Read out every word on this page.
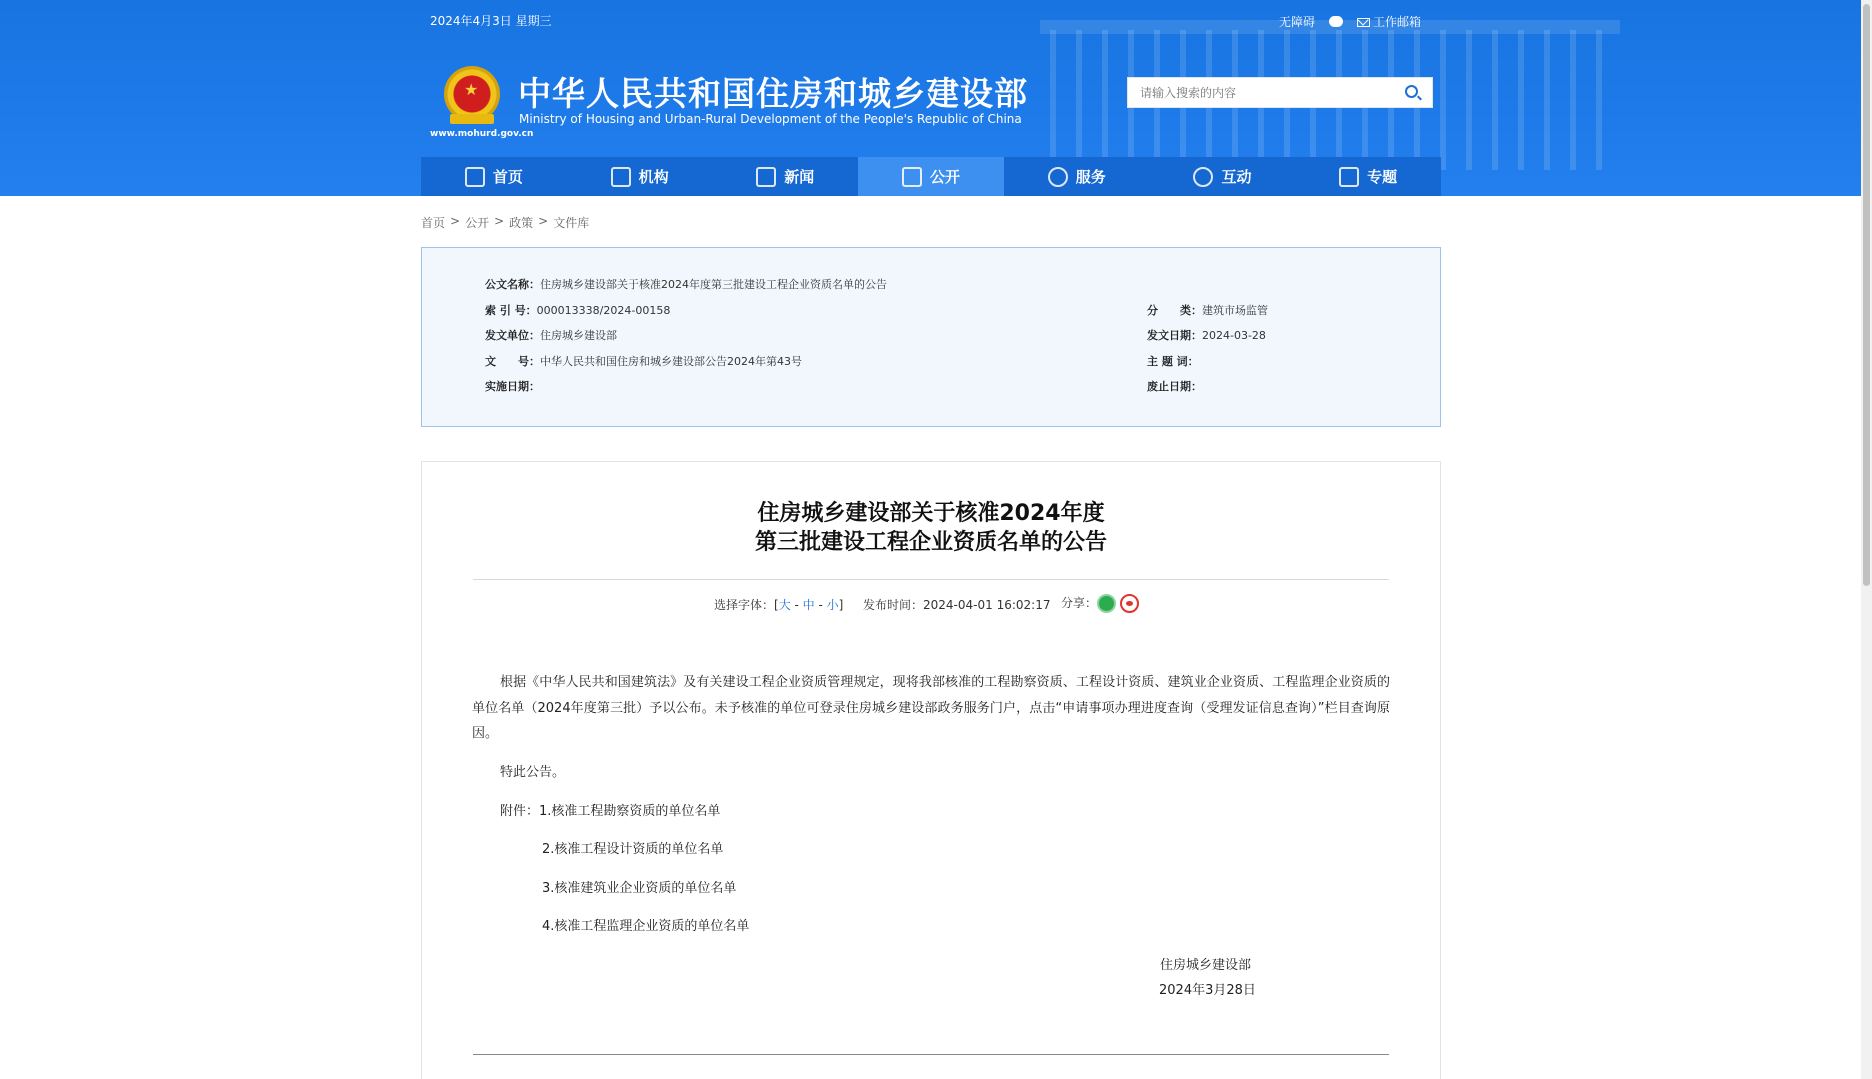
2024年4月3日 星期三	无障碍	工作邮箱
★
www.mohurd.gov.cn
中华人民共和国住房和城乡建设部
Ministry of Housing and Urban-Rural Development of the People's Republic of China
请输入搜索的内容
首页	机构	新闻	公开	服务	互动	专题
首页 > 公开 > 政策 > 文件库
公文名称：住房城乡建设部关于核准2024年度第三批建设工程企业资质名单的公告
索 引 号：000013338/2024-00158	分　　类：建筑市场监管
发文单位：住房城乡建设部	发文日期：2024-03-28
文　　号：中华人民共和国住房和城乡建设部公告2024年第43号	主 题 词：
实施日期：	废止日期：
住房城乡建设部关于核准2024年度
第三批建设工程企业资质名单的公告
选择字体：[大 - 中 - 小] 发布时间：2024-04-01 16:02:17 分享：
根据《中华人民共和国建筑法》及有关建设工程企业资质管理规定，现将我部核准的工程勘察资质、工程设计资质、建筑业企业资质、工程监理企业资质的单位名单（2024年度第三批）予以公布。未予核准的单位可登录住房城乡建设部政务服务门户，点击“申请事项办理进度查询（受理发证信息查询）”栏目查询原因。
特此公告。
附件：1.核准工程勘察资质的单位名单
2.核准工程设计资质的单位名单
3.核准建筑业企业资质的单位名单
4.核准工程监理企业资质的单位名单
住房城乡建设部
2024年3月28日
